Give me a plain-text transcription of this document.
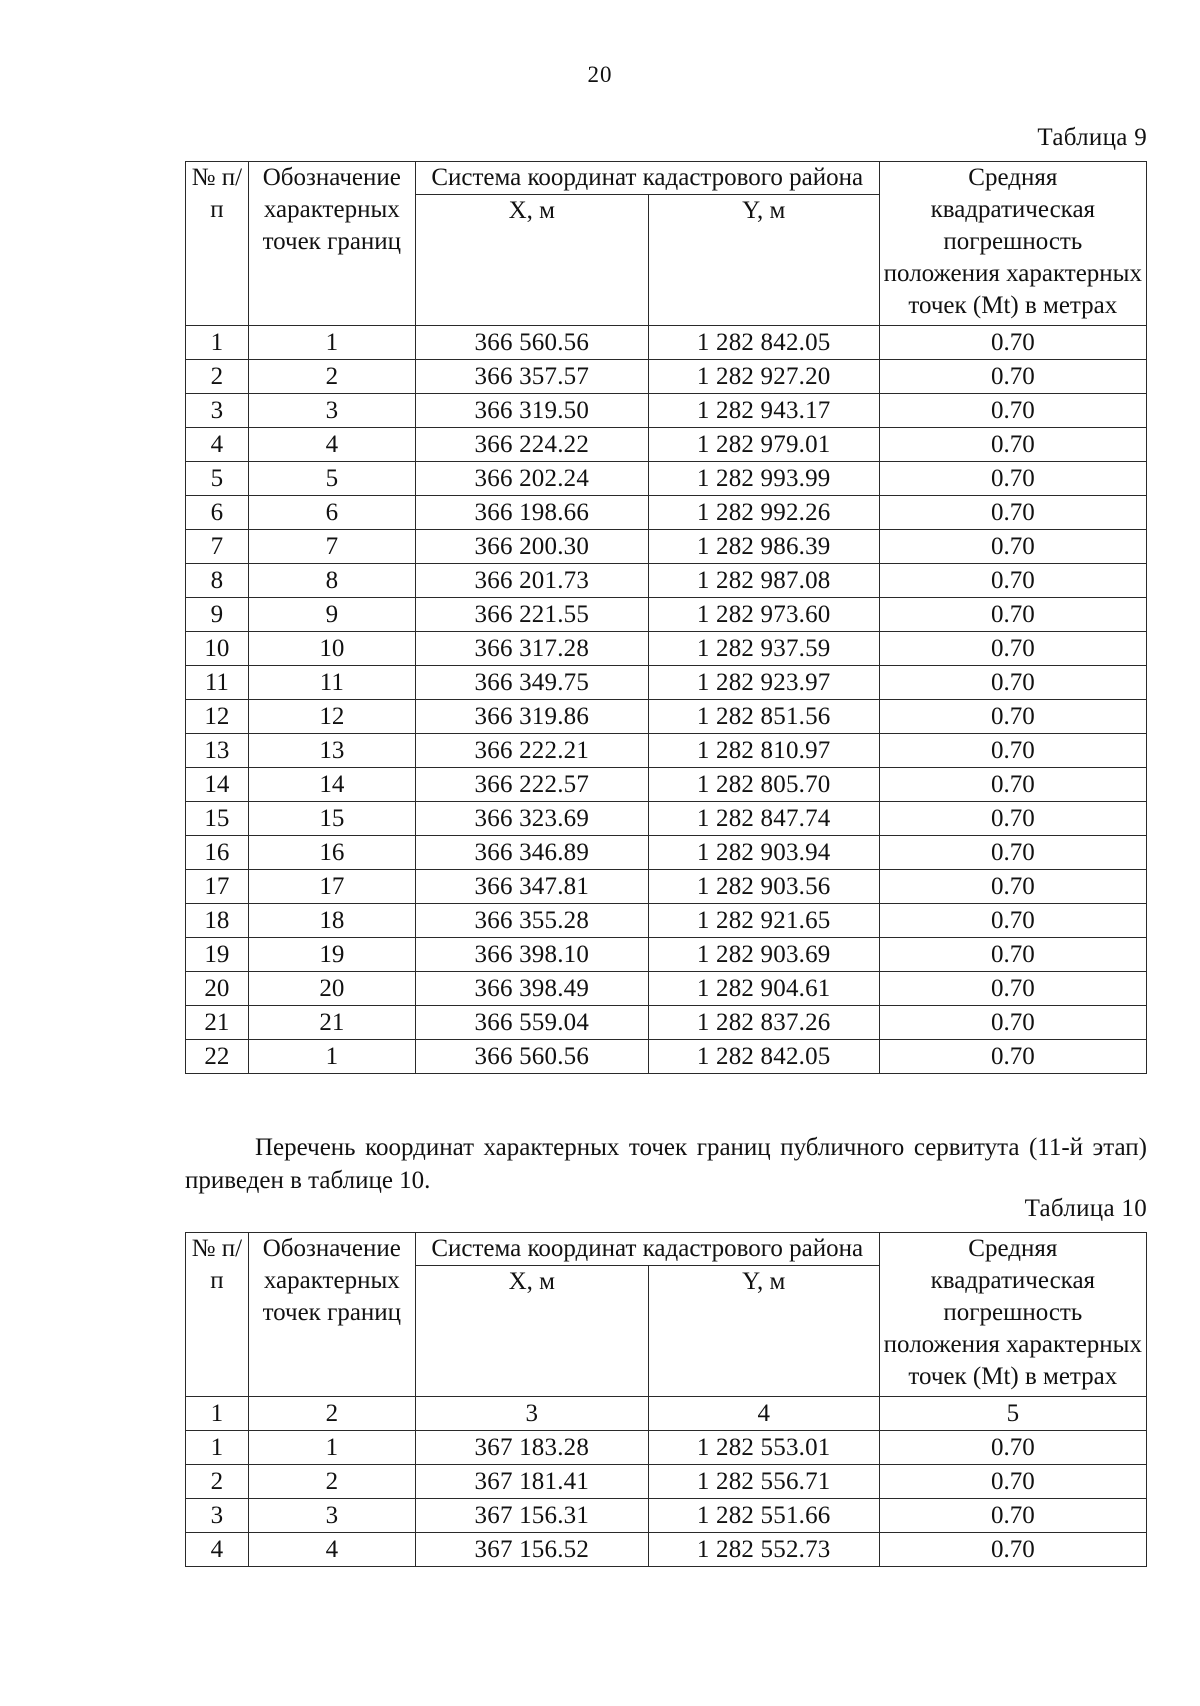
20
Таблица 9
№ п/п	Обозначение характерных точек границ	Система координат кадастрового района		Средняя квадратическая погрешность положения характерных точек (Mt) в метрах
		X, м	Y, м	
1	1	366 560.56	1 282 842.05	0.70
2	2	366 357.57	1 282 927.20	0.70
3	3	366 319.50	1 282 943.17	0.70
4	4	366 224.22	1 282 979.01	0.70
5	5	366 202.24	1 282 993.99	0.70
6	6	366 198.66	1 282 992.26	0.70
7	7	366 200.30	1 282 986.39	0.70
8	8	366 201.73	1 282 987.08	0.70
9	9	366 221.55	1 282 973.60	0.70
10	10	366 317.28	1 282 937.59	0.70
11	11	366 349.75	1 282 923.97	0.70
12	12	366 319.86	1 282 851.56	0.70
13	13	366 222.21	1 282 810.97	0.70
14	14	366 222.57	1 282 805.70	0.70
15	15	366 323.69	1 282 847.74	0.70
16	16	366 346.89	1 282 903.94	0.70
17	17	366 347.81	1 282 903.56	0.70
18	18	366 355.28	1 282 921.65	0.70
19	19	366 398.10	1 282 903.69	0.70
20	20	366 398.49	1 282 904.61	0.70
21	21	366 559.04	1 282 837.26	0.70
22	1	366 560.56	1 282 842.05	0.70
Перечень координат характерных точек границ публичного сервитута (11-й этап) приведен в таблице 10.
Таблица 10
№ п/п	Обозначение характерных точек границ	Система координат кадастрового района		Средняя квадратическая погрешность положения характерных точек (Mt) в метрах
		X, м	Y, м	
1	2	3	4	5
1	1	367 183.28	1 282 553.01	0.70
2	2	367 181.41	1 282 556.71	0.70
3	3	367 156.31	1 282 551.66	0.70
4	4	367 156.52	1 282 552.73	0.70
